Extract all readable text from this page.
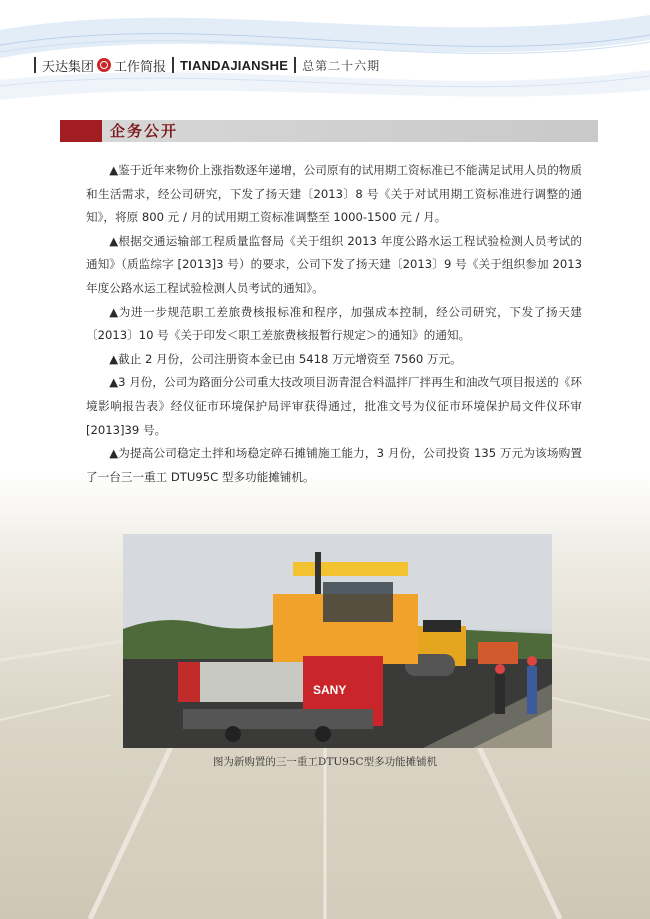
天达集团 工作简报 TIANDAJIANSHE 总第二十六期
企务公开

▲鉴于近年来物价上涨指数逐年递增，公司原有的试用期工资标准已不能满足试用人员的物质和生活需求，经公司研究，下发了扬天建〔2013〕8 号《关于对试用期工资标准进行调整的通知》，将原 800 元 / 月的试用期工资标准调整至 1000-1500 元 / 月。

▲根据交通运输部工程质量监督局《关于组织 2013 年度公路水运工程试验检测人员考试的通知》（质监综字 [2013]3 号）的要求，公司下发了扬天建〔2013〕9 号《关于组织参加 2013 年度公路水运工程试验检测人员考试的通知》。

▲为进一步规范职工差旅费核报标准和程序，加强成本控制，经公司研究，下发了扬天建〔2013〕10 号《关于印发＜职工差旅费核报暂行规定＞的通知》的通知。

▲截止 2 月份，公司注册资本金已由 5418 万元增资至 7560 万元。

▲3 月份，公司为路面分公司重大技改项目沥青混合料温拌厂拌再生和油改气项目报送的《环境影响报告表》经仪征市环境保护局评审获得通过，批准文号为仪征市环境保护局文件仪环审 [2013]39 号。

▲为提高公司稳定土拌和场稳定碎石摊铺施工能力，3 月份，公司投资 135 万元为该场购置了一台三一重工 DTU95C 型多功能摊铺机。

SANY
图为新购置的三一重工DTU95C型多功能摊铺机
